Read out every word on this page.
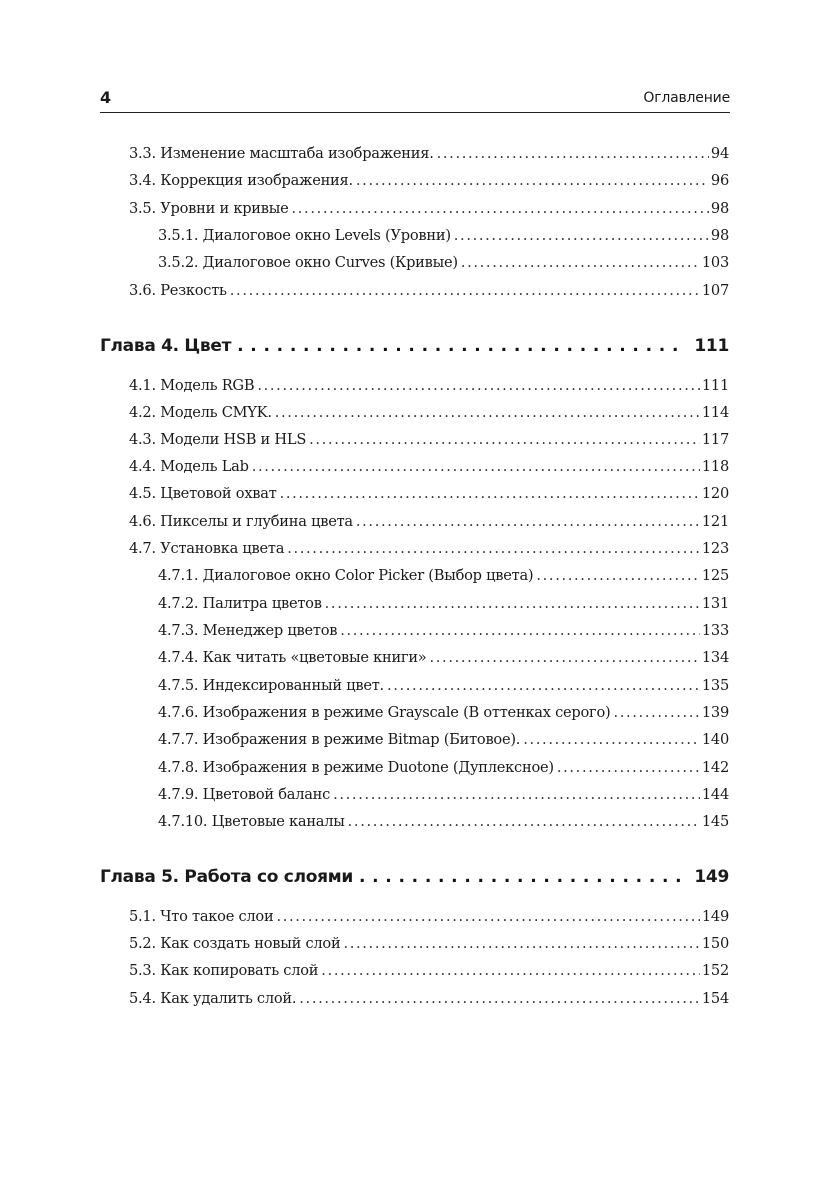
4	Оглавление
3.3. Изменение масштаба изображения. . . .	94
3.4. Коррекция изображения. . . .	96
3.5. Уровни и кривые . . .	98
3.5.1. Диалоговое окно Levels (Уровни) . . .	98
3.5.2. Диалоговое окно Curves (Кривые) . . .	103
3.6. Резкость . . .	107
Глава 4. Цвет . . .	111
4.1. Модель RGB . . .	111
4.2. Модель CMYK. . . .	114
4.3. Модели HSB и HLS . . .	117
4.4. Модель Lab . . .	118
4.5. Цветовой охват . . .	120
4.6. Пикселы и глубина цвета . . .	121
4.7. Установка цвета . . .	123
4.7.1. Диалоговое окно Color Picker (Выбор цвета) . . .	125
4.7.2. Палитра цветов . . .	131
4.7.3. Менеджер цветов . . .	133
4.7.4. Как читать «цветовые книги» . . .	134
4.7.5. Индексированный цвет. . . .	135
4.7.6. Изображения в режиме Grayscale (В оттенках серого) . . .	139
4.7.7. Изображения в режиме Bitmap (Битовое). . . .	140
4.7.8. Изображения в режиме Duotone (Дуплексное) . . .	142
4.7.9. Цветовой баланс . . .	144
4.7.10. Цветовые каналы . . .	145
Глава 5. Работа со слоями . . .	149
5.1. Что такое слои . . .	149
5.2. Как создать новый слой . . .	150
5.3. Как копировать слой . . .	152
5.4. Как удалить слой. . . .	154
